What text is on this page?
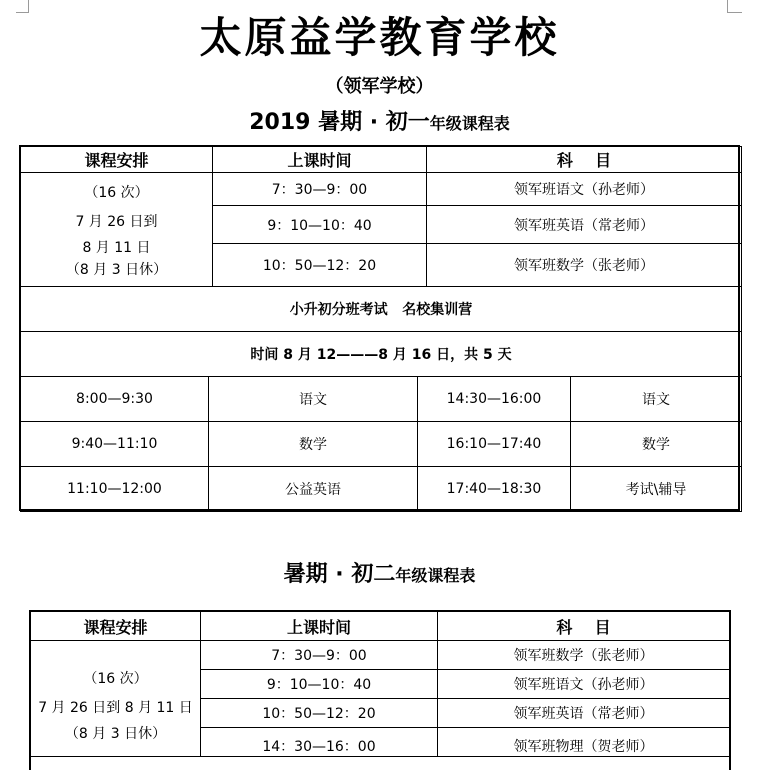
太原益学教育学校
（领军学校）
2019 暑期 · 初一年级课程表
课程安排	上课时间	科    目

（16 次）
7 月 26 日到
8 月 11 日
（8 月 3 日休）	7：30—9：00	领军班语文（孙老师）
	9：10—10：40	领军班英语（常老师）
	10：50—12：20	领军班数学（张老师）
小升初分班考试   名校集训营		
时间 8 月 12———8 月 16 日，共 5 天		
8:00—9:30	语文	14:30—16:00	语文
9:40—11:10	数学	16:10—17:40	数学
11:10—12:00	公益英语	17:40—18:30	考试\辅导
暑期 · 初二年级课程表
课程安排	上课时间	科    目

（16 次）
7 月 26 日到 8 月 11 日
（8 月 3 日休）	7：30—9：00	领军班数学（张老师）
	9：10—10：40	领军班语文（孙老师）
	10：50—12：20	领军班英语（常老师）
	14：30—16：00	领军班物理（贺老师）
